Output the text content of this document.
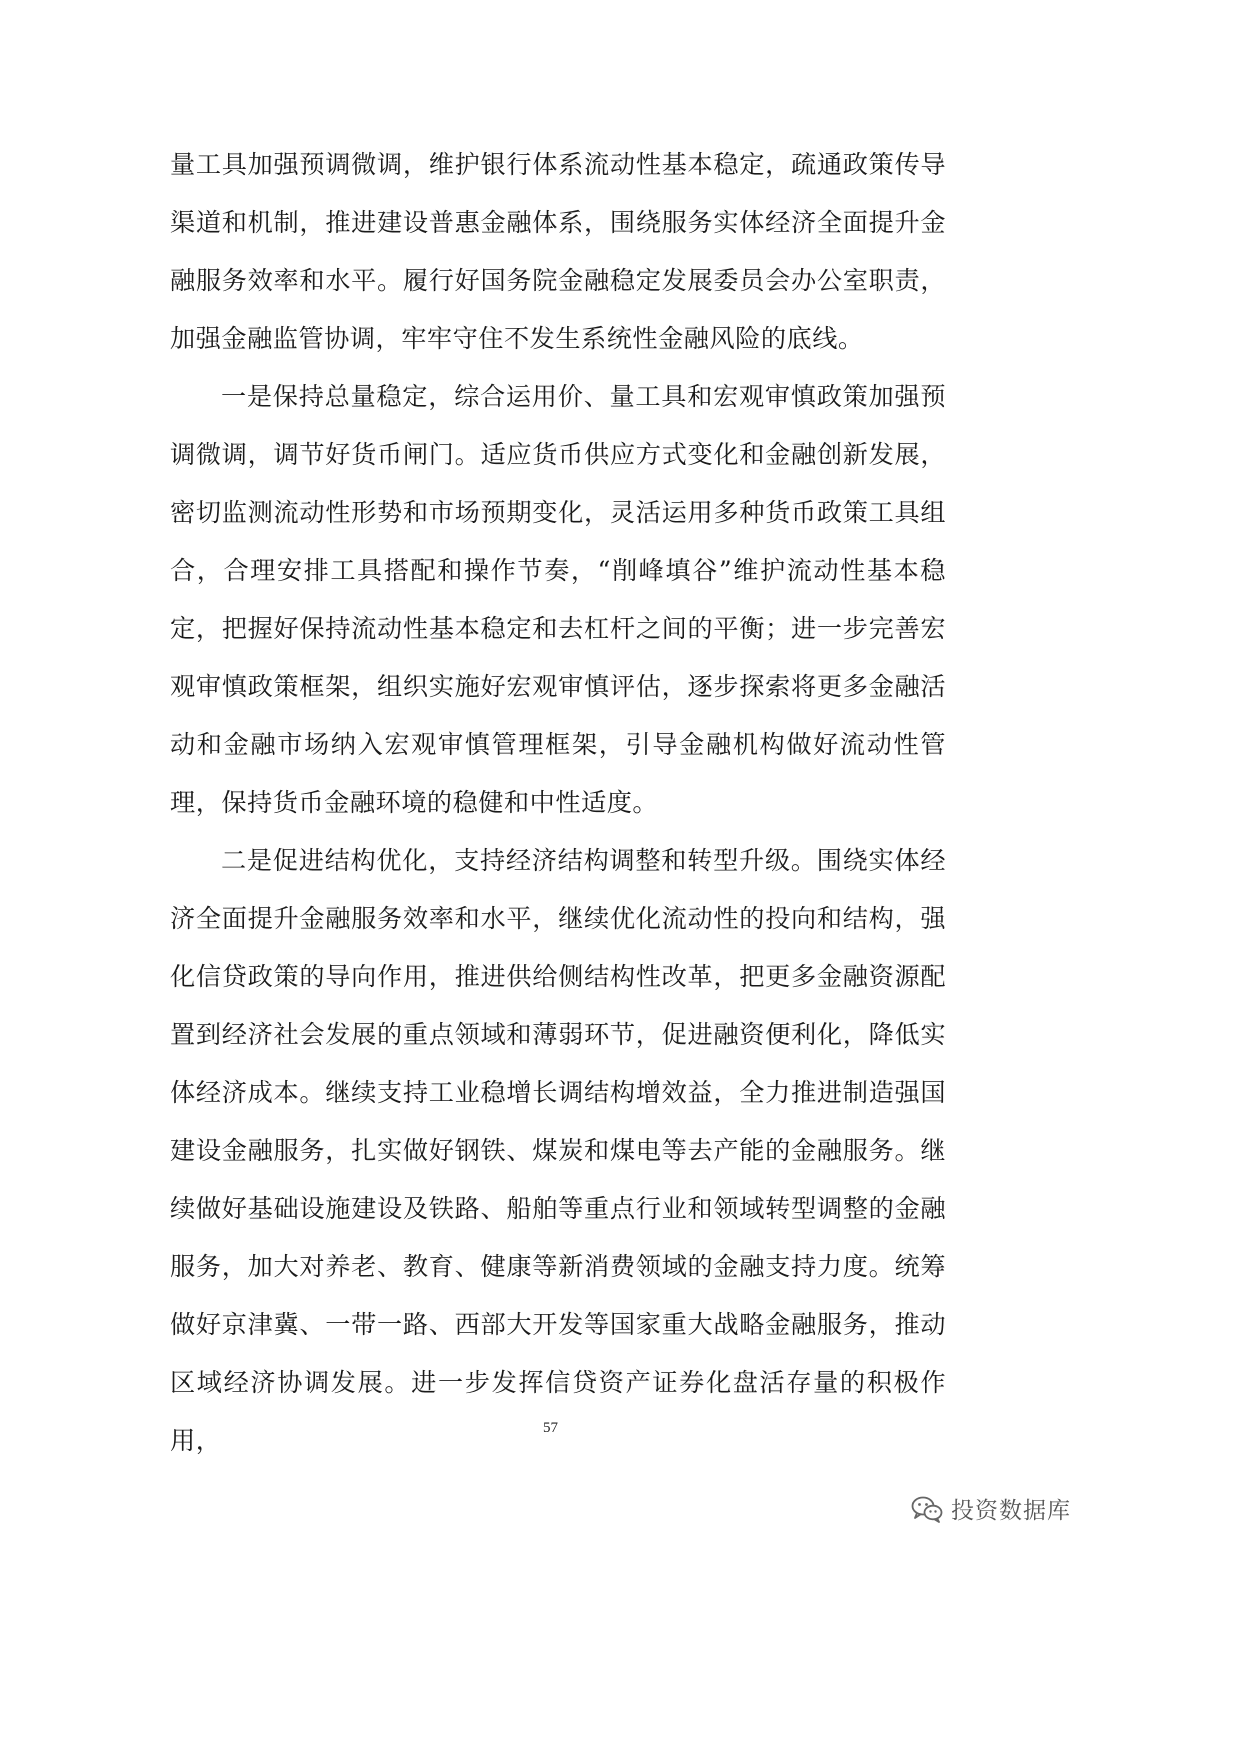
量工具加强预调微调，维护银行体系流动性基本稳定，疏通政策传导渠道和机制，推进建设普惠金融体系，围绕服务实体经济全面提升金融服务效率和水平。履行好国务院金融稳定发展委员会办公室职责，加强金融监管协调，牢牢守住不发生系统性金融风险的底线。

一是保持总量稳定，综合运用价、量工具和宏观审慎政策加强预调微调，调节好货币闸门。适应货币供应方式变化和金融创新发展，密切监测流动性形势和市场预期变化，灵活运用多种货币政策工具组合，合理安排工具搭配和操作节奏，“削峰填谷”维护流动性基本稳定，把握好保持流动性基本稳定和去杠杆之间的平衡；进一步完善宏观审慎政策框架，组织实施好宏观审慎评估，逐步探索将更多金融活动和金融市场纳入宏观审慎管理框架，引导金融机构做好流动性管理，保持货币金融环境的稳健和中性适度。

二是促进结构优化，支持经济结构调整和转型升级。围绕实体经济全面提升金融服务效率和水平，继续优化流动性的投向和结构，强化信贷政策的导向作用，推进供给侧结构性改革，把更多金融资源配置到经济社会发展的重点领域和薄弱环节，促进融资便利化，降低实体经济成本。继续支持工业稳增长调结构增效益，全力推进制造强国建设金融服务，扎实做好钢铁、煤炭和煤电等去产能的金融服务。继续做好基础设施建设及铁路、船舶等重点行业和领域转型调整的金融服务，加大对养老、教育、健康等新消费领域的金融支持力度。统筹做好京津冀、一带一路、西部大开发等国家重大战略金融服务，推动区域经济协调发展。进一步发挥信贷资产证券化盘活存量的积极作用，	57
投资数据库
